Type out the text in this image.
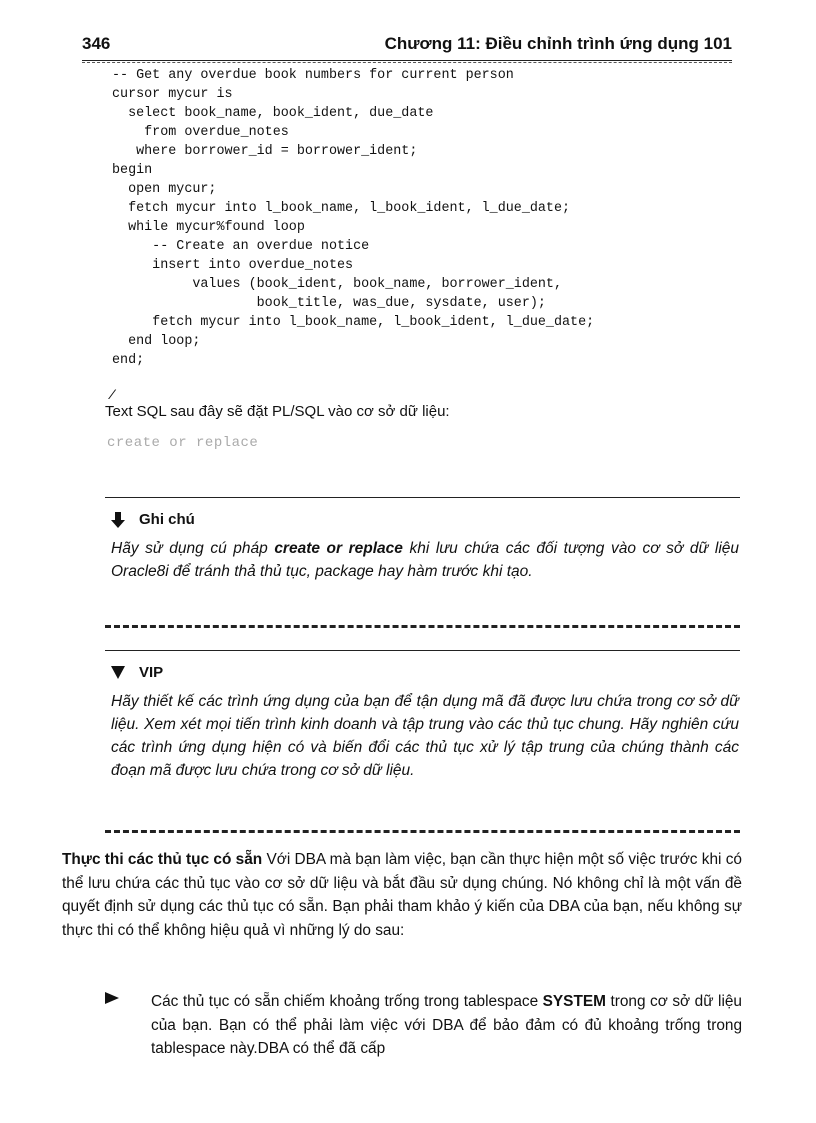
346	Chương 11: Điều chỉnh trình ứng dụng 101
-- Get any overdue book numbers for current person
cursor mycur is
select book_name, book_ident, due_date
from overdue_notes
where borrower_id = borrower_ident;
begin
open mycur;
fetch mycur into l_book_name, l_book_ident, l_due_date;
while mycur%found loop
-- Create an overdue notice
insert into overdue_notes
values (book_ident, book_name, borrower_ident,
book_title, was_due, sysdate, user);
fetch mycur into l_book_name, l_book_ident, l_due_date;
end loop;
end;
/
Text SQL sau đây sẽ đặt PL/SQL vào cơ sở dữ liệu:
create or replace
Ghi chú
Hãy sử dụng cú pháp create or replace khi lưu chứa các đối tượng vào cơ sở dữ liệu Oracle8i để tránh thả thủ tục, package hay hàm trước khi tạo.
VIP
Hãy thiết kế các trình ứng dụng của bạn để tận dụng mã đã được lưu chứa trong cơ sở dữ liệu. Xem xét mọi tiến trình kinh doanh và tập trung vào các thủ tục chung. Hãy nghiên cứu các trình ứng dụng hiện có và biến đổi các thủ tục xử lý tập trung của chúng thành các đoạn mã được lưu chứa trong cơ sở dữ liệu.

Thực thi các thủ tục có sẵn Với DBA mà bạn làm việc, bạn cần thực hiện một số việc trước khi có thể lưu chứa các thủ tục vào cơ sở dữ liệu và bắt đầu sử dụng chúng. Nó không chỉ là một vấn đề quyết định sử dụng các thủ tục có sẵn. Bạn phải tham khảo ý kiến của DBA của bạn, nếu không sự thực thi có thể không hiệu quả vì những lý do sau:

Các thủ tục có sẵn chiếm khoảng trống trong tablespace SYSTEM trong cơ sở dữ liệu của bạn. Bạn có thể phải làm việc với DBA để bảo đảm có đủ khoảng trống trong tablespace này.DBA có thể đã cấp
